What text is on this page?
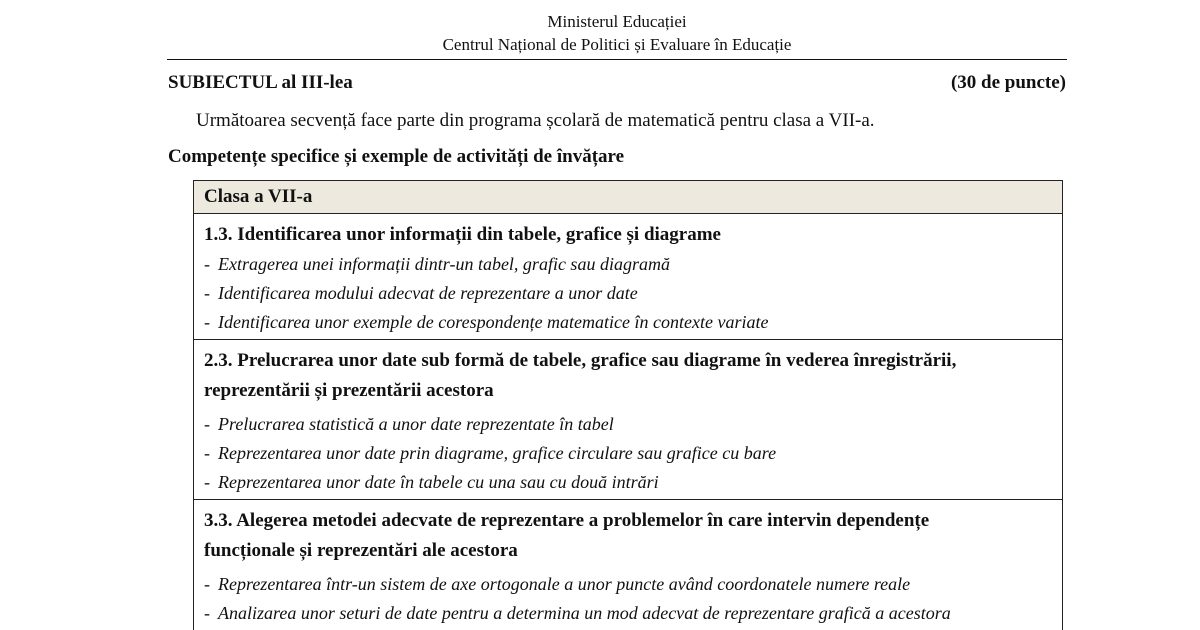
Ministerul Educației
Centrul Național de Politici și Evaluare în Educație
SUBIECTUL al III-lea	(30 de puncte)
Următoarea secvență face parte din programa școlară de matematică pentru clasa a VII-a.
Competențe specifice și exemple de activități de învățare
Clasa a VII-a
1.3. Identificarea unor informații din tabele, grafice și diagrame
- Extragerea unei informații dintr-un tabel, grafic sau diagramă
- Identificarea modului adecvat de reprezentare a unor date
- Identificarea unor exemple de corespondențe matematice în contexte variate
2.3. Prelucrarea unor date sub formă de tabele, grafice sau diagrame în vederea înregistrării,
reprezentării și prezentării acestora
- Prelucrarea statistică a unor date reprezentate în tabel
- Reprezentarea unor date prin diagrame, grafice circulare sau grafice cu bare
- Reprezentarea unor date în tabele cu una sau cu două intrări
3.3. Alegerea metodei adecvate de reprezentare a problemelor în care intervin dependențe
funcționale și reprezentări ale acestora
- Reprezentarea într-un sistem de axe ortogonale a unor puncte având coordonatele numere reale
- Analizarea unor seturi de date pentru a determina un mod adecvat de reprezentare grafică a acestora
